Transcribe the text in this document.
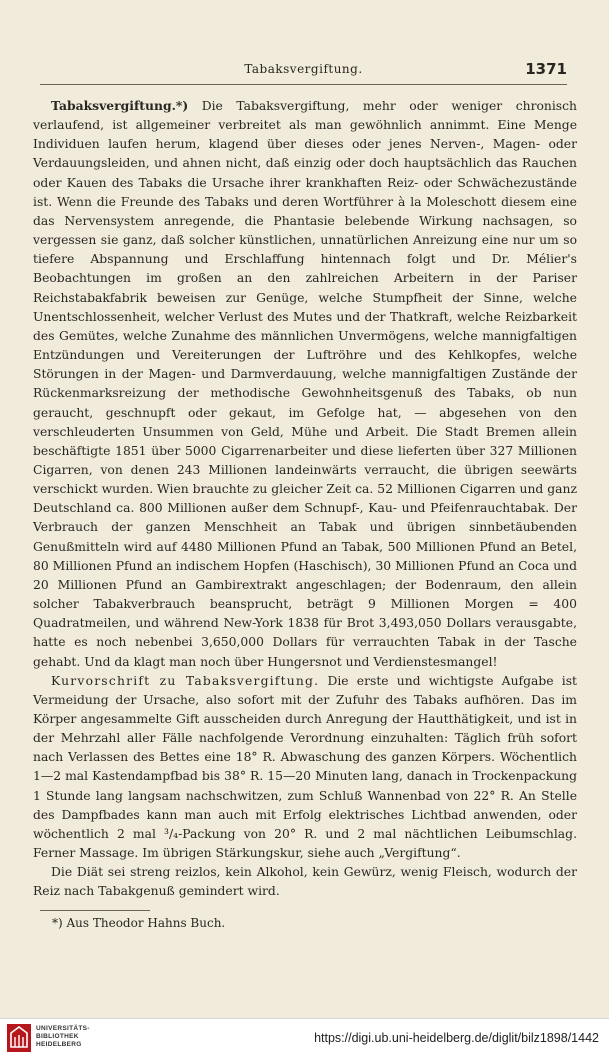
Tabaksvergiftung.	1371

Tabaksvergiftung.*) Die Tabaksvergiftung, mehr oder weniger chronisch verlaufend, ist allgemeiner verbreitet als man gewöhnlich annimmt. Eine Menge Individuen laufen herum, klagend über dieses oder jenes Nerven-, Magen- oder Verdauungsleiden, und ahnen nicht, daß einzig oder doch hauptsächlich das Rauchen oder Kauen des Tabaks die Ursache ihrer krankhaften Reiz- oder Schwächezustände ist. Wenn die Freunde des Tabaks und deren Wortführer à la Moleschott diesem eine das Nervensystem anregende, die Phantasie belebende Wirkung nachsagen, so vergessen sie ganz, daß solcher künstlichen, unnatürlichen Anreizung eine nur um so tiefere Abspannung und Erschlaffung hintennach folgt und Dr. Mélier's Beobachtungen im großen an den zahlreichen Arbeitern in der Pariser Reichstabakfabrik beweisen zur Genüge, welche Stumpfheit der Sinne, welche Unentschlossenheit, welcher Verlust des Mutes und der Thatkraft, welche Reizbarkeit des Gemütes, welche Zunahme des männlichen Unvermögens, welche mannigfaltigen Entzündungen und Vereiterungen der Luftröhre und des Kehlkopfes, welche Störungen in der Magen- und Darmverdauung, welche mannigfaltigen Zustände der Rückenmarksreizung der methodische Gewohnheitsgenuß des Tabaks, ob nun geraucht, geschnupft oder gekaut, im Gefolge hat, — abgesehen von den verschleuderten Unsummen von Geld, Mühe und Arbeit. Die Stadt Bremen allein beschäftigte 1851 über 5000 Cigarrenarbeiter und diese lieferten über 327 Millionen Cigarren, von denen 243 Millionen landeinwärts verraucht, die übrigen seewärts verschickt wurden. Wien brauchte zu gleicher Zeit ca. 52 Millionen Cigarren und ganz Deutschland ca. 800 Millionen außer dem Schnupf-, Kau- und Pfeifenrauchtabak. Der Verbrauch der ganzen Menschheit an Tabak und übrigen sinnbetäubenden Genußmitteln wird auf 4480 Millionen Pfund an Tabak, 500 Millionen Pfund an Betel, 80 Millionen Pfund an indischem Hopfen (Haschisch), 30 Millionen Pfund an Coca und 20 Millionen Pfund an Gambirextrakt angeschlagen; der Bodenraum, den allein solcher Tabakverbrauch beansprucht, beträgt 9 Millionen Morgen = 400 Quadratmeilen, und während New-York 1838 für Brot 3,493,050 Dollars verausgabte, hatte es noch nebenbei 3,650,000 Dollars für verrauchten Tabak in der Tasche gehabt. Und da klagt man noch über Hungersnot und Verdienstesmangel!

Kurvorschrift zu Tabaksvergiftung. Die erste und wichtigste Aufgabe ist Vermeidung der Ursache, also sofort mit der Zufuhr des Tabaks aufhören. Das im Körper angesammelte Gift ausscheiden durch Anregung der Hautthätigkeit, und ist in der Mehrzahl aller Fälle nachfolgende Verordnung einzuhalten: Täglich früh sofort nach Verlassen des Bettes eine 18° R. Abwaschung des ganzen Körpers. Wöchentlich 1—2 mal Kastendampfbad bis 38° R. 15—20 Minuten lang, danach in Trockenpackung 1 Stunde lang langsam nachschwitzen, zum Schluß Wannenbad von 22° R. An Stelle des Dampfbades kann man auch mit Erfolg elektrisches Lichtbad anwenden, oder wöchentlich 2 mal ³/₄-Packung von 20° R. und 2 mal nächtlichen Leibumschlag. Ferner Massage. Im übrigen Stärkungskur, siehe auch „Vergiftung“.

Die Diät sei streng reizlos, kein Alkohol, kein Gewürz, wenig Fleisch, wodurch der Reiz nach Tabakgenuß gemindert wird.

*) Aus Theodor Hahns Buch.
UNIVERSITÄTS-
BIBLIOTHEK
HEIDELBERG	https://digi.ub.uni-heidelberg.de/diglit/bilz1898/1442
